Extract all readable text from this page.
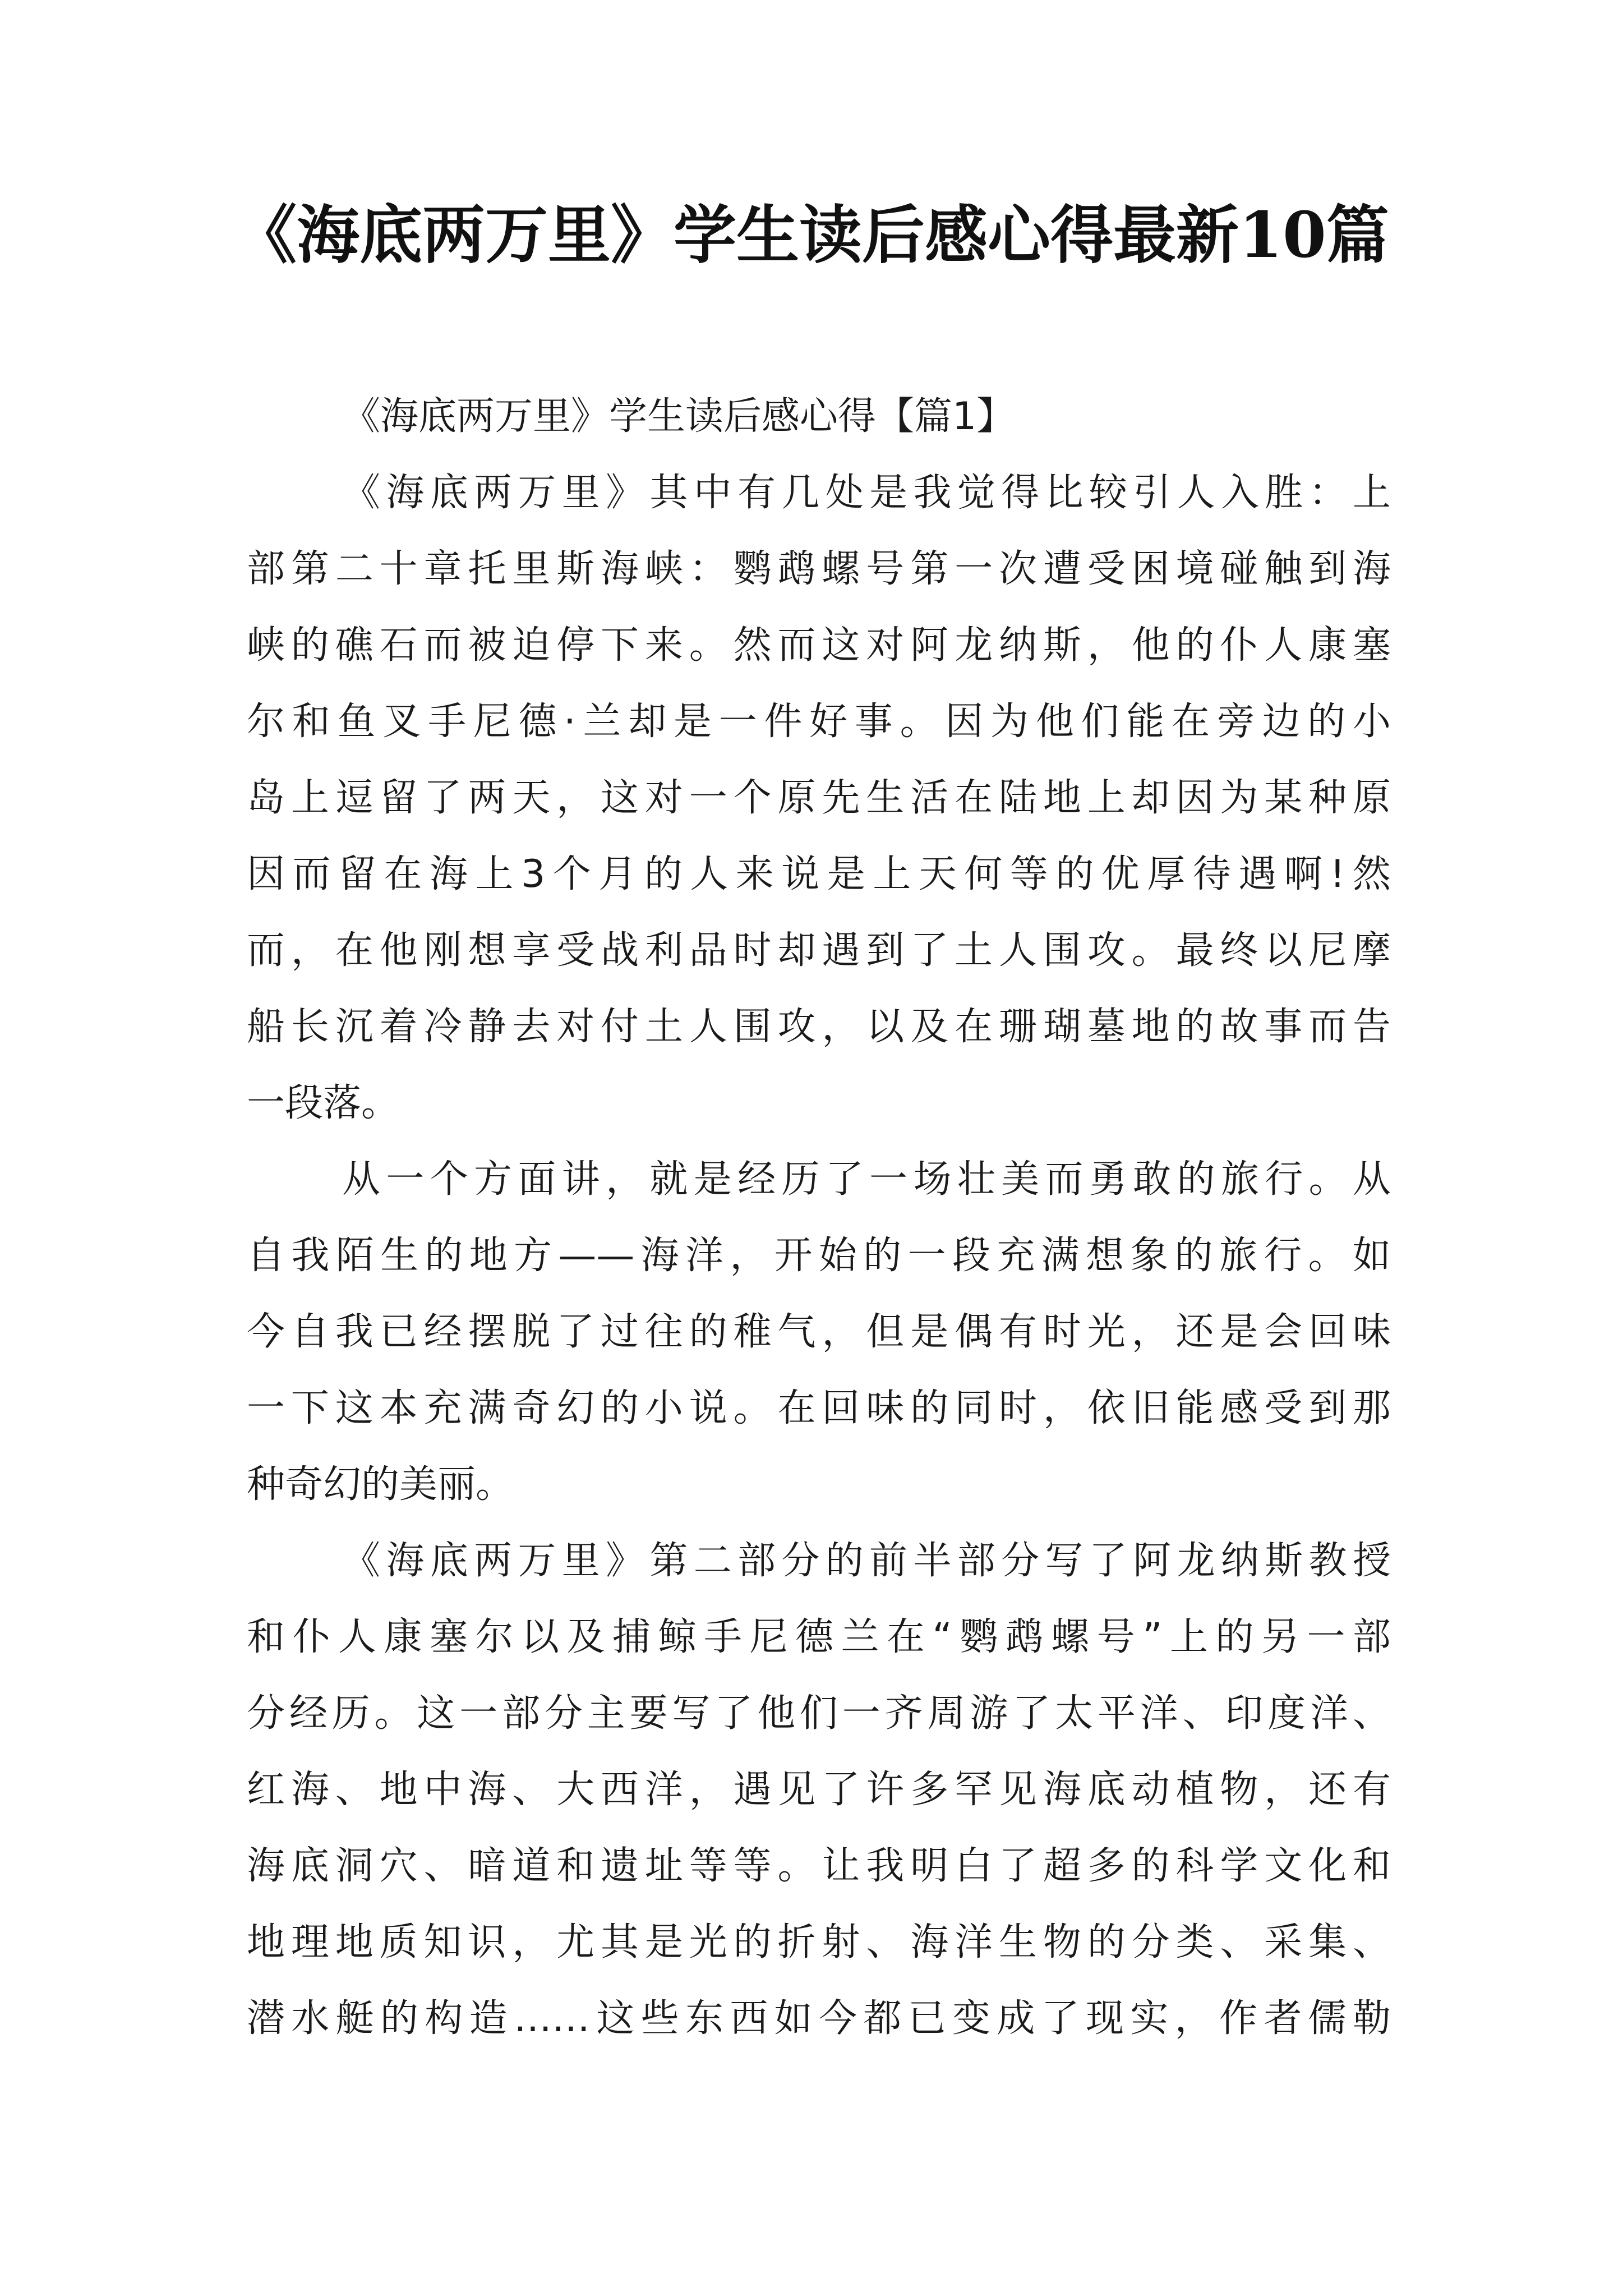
《海底两万里》学生读后感心得最新10篇
《海底两万里》学生读后感心得【篇1】
《海底两万里》其中有几处是我觉得比较引人入胜：上
部第二十章托里斯海峡：鹦鹉螺号第一次遭受困境碰触到海
峡的礁石而被迫停下来。然而这对阿龙纳斯，他的仆人康塞
尔和鱼叉手尼德·兰却是一件好事。因为他们能在旁边的小
岛上逗留了两天，这对一个原先生活在陆地上却因为某种原
因而留在海上3个月的人来说是上天何等的优厚待遇啊!然
而，在他刚想享受战利品时却遇到了土人围攻。最终以尼摩
船长沉着冷静去对付土人围攻，以及在珊瑚墓地的故事而告
一段落。
从一个方面讲，就是经历了一场壮美而勇敢的旅行。从
自我陌生的地方——海洋，开始的一段充满想象的旅行。如
今自我已经摆脱了过往的稚气，但是偶有时光，还是会回味
一下这本充满奇幻的小说。在回味的同时，依旧能感受到那
种奇幻的美丽。
《海底两万里》第二部分的前半部分写了阿龙纳斯教授
和仆人康塞尔以及捕鲸手尼德兰在“鹦鹉螺号”上的另一部
分经历。这一部分主要写了他们一齐周游了太平洋、印度洋、
红海、地中海、大西洋，遇见了许多罕见海底动植物，还有
海底洞穴、暗道和遗址等等。让我明白了超多的科学文化和
地理地质知识，尤其是光的折射、海洋生物的分类、采集、
潜水艇的构造……这些东西如今都已变成了现实，作者儒勒
